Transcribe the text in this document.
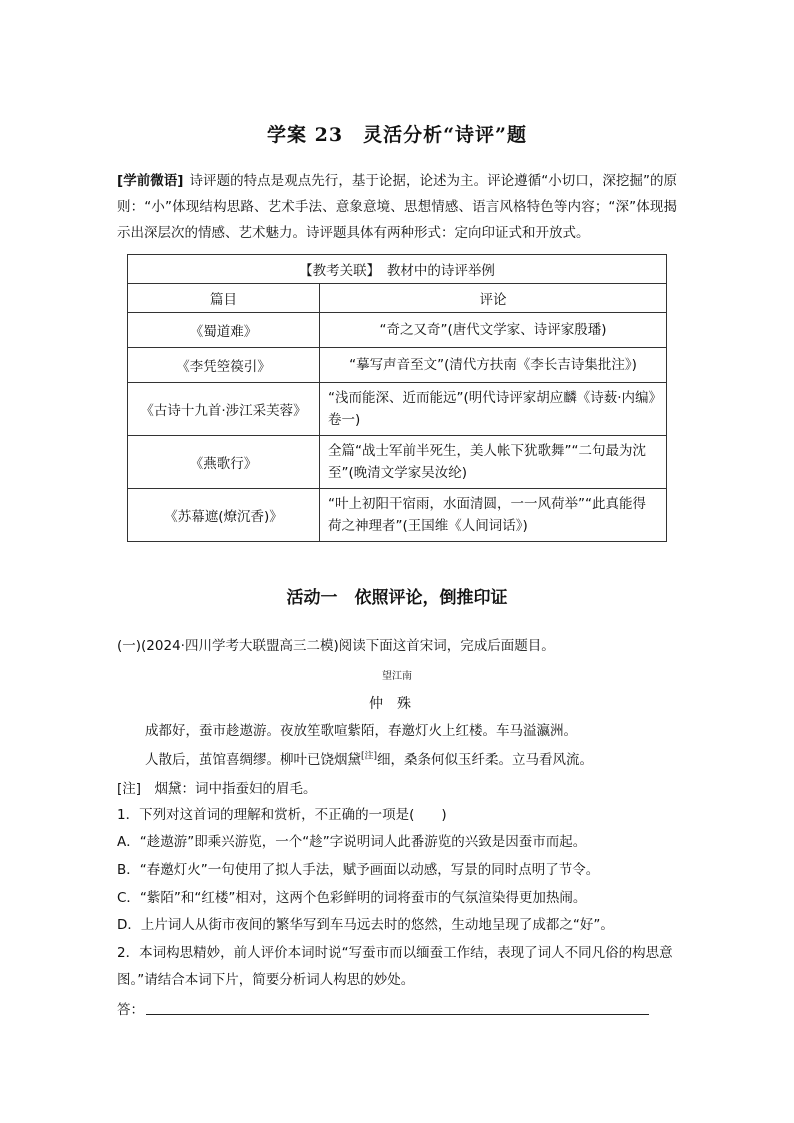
学案 23　灵活分析“诗评”题
[学前微语] 诗评题的特点是观点先行，基于论据，论述为主。评论遵循“小切口，深挖掘”的原则：“小”体现结构思路、艺术手法、意象意境、思想情感、语言风格特色等内容；“深”体现揭示出深层次的情感、艺术魅力。诗评题具体有两种形式：定向印证式和开放式。
【教考关联】　教材中的诗评举例	
篇目	评论
《蜀道难》	“奇之又奇”(唐代文学家、诗评家殷璠)
《李凭箜篌引》	“摹写声音至文”(清代方扶南《李长吉诗集批注》)
《古诗十九首·涉江采芙蓉》	“浅而能深、近而能远”(明代诗评家胡应麟《诗薮·内编》卷一)
《燕歌行》	全篇“战士军前半死生，美人帐下犹歌舞”“二句最为沈至”(晚清文学家吴汝纶)
《苏幕遮(燎沉香)》	“叶上初阳干宿雨，水面清圆，一一风荷举”“此真能得荷之神理者”(王国维《人间词话》)
活动一　依照评论，倒推印证
(一)(2024·四川学考大联盟高三二模)阅读下面这首宋词，完成后面题目。
望江南
仲殊
成都好，蚕市趁遨游。夜放笙歌喧紫陌，春邀灯火上红楼。车马溢瀛洲。
人散后，茧馆喜绸缪。柳叶已饶烟黛[注]细，桑条何似玉纤柔。立马看风流。
[注]　烟黛：词中指蚕妇的眉毛。
1．下列对这首词的理解和赏析，不正确的一项是(　　)
A．“趁遨游”即乘兴游览，一个“趁”字说明词人此番游览的兴致是因蚕市而起。
B．“春邀灯火”一句使用了拟人手法，赋予画面以动感，写景的同时点明了节令。
C．“紫陌”和“红楼”相对，这两个色彩鲜明的词将蚕市的气氛渲染得更加热闹。
D．上片词人从街市夜间的繁华写到车马远去时的悠然，生动地呈现了成都之“好”。
2．本词构思精妙，前人评价本词时说“写蚕市而以缅蚕工作结，表现了词人不同凡俗的构思意图。”请结合本词下片，简要分析词人构思的妙处。
答：
